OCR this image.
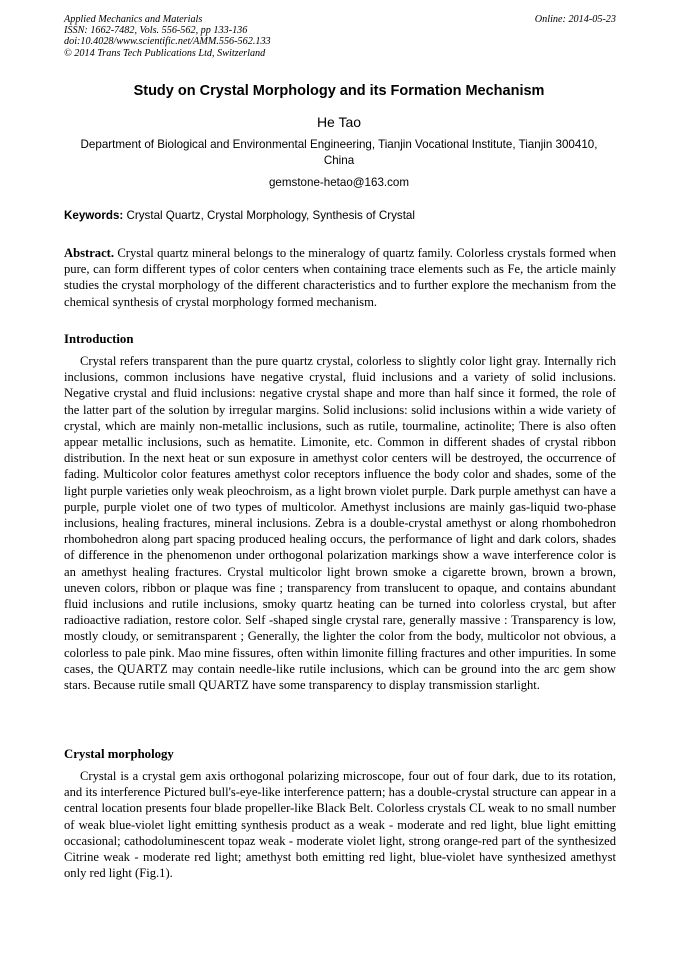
Applied Mechanics and Materials
ISSN: 1662-7482, Vols. 556-562, pp 133-136
doi:10.4028/www.scientific.net/AMM.556-562.133
© 2014 Trans Tech Publications Ltd, Switzerland
Online: 2014-05-23
Study on Crystal Morphology and its Formation Mechanism
He Tao
Department of Biological and Environmental Engineering, Tianjin Vocational Institute, Tianjin 300410, China
gemstone-hetao@163.com
Keywords: Crystal Quartz, Crystal Morphology, Synthesis of Crystal

Abstract. Crystal quartz mineral belongs to the mineralogy of quartz family. Colorless crystals formed when pure, can form different types of color centers when containing trace elements such as Fe, the article mainly studies the crystal morphology of the different characteristics and to further explore the mechanism from the chemical synthesis of crystal morphology formed mechanism.

Introduction

Crystal refers transparent than the pure quartz crystal, colorless to slightly color light gray. Internally rich inclusions, common inclusions have negative crystal, fluid inclusions and a variety of solid inclusions. Negative crystal and fluid inclusions: negative crystal shape and more than half since it formed, the role of the latter part of the solution by irregular margins. Solid inclusions: solid inclusions within a wide variety of crystal, which are mainly non-metallic inclusions, such as rutile, tourmaline, actinolite; There is also often appear metallic inclusions, such as hematite. Limonite, etc. Common in different shades of crystal ribbon distribution. In the next heat or sun exposure in amethyst color centers will be destroyed, the occurrence of fading. Multicolor color features amethyst color receptors influence the body color and shades, some of the light purple varieties only weak pleochroism, as a light brown violet purple. Dark purple amethyst can have a purple, purple violet one of two types of multicolor. Amethyst inclusions are mainly gas-liquid two-phase inclusions, healing fractures, mineral inclusions. Zebra is a double-crystal amethyst or along rhombohedron rhombohedron along part spacing produced healing occurs, the performance of light and dark colors, shades of difference in the phenomenon under orthogonal polarization markings show a wave interference color is an amethyst healing fractures. Crystal multicolor light brown smoke a cigarette brown, brown a brown, uneven colors, ribbon or plaque was fine ; transparency from translucent to opaque, and contains abundant fluid inclusions and rutile inclusions, smoky quartz heating can be turned into colorless crystal, but after radioactive radiation, restore color. Self -shaped single crystal rare, generally massive : Transparency is low, mostly cloudy, or semitransparent ; Generally, the lighter the color from the body, multicolor not obvious, a colorless to pale pink. Mao mine fissures, often within limonite filling fractures and other impurities. In some cases, the QUARTZ may contain needle-like rutile inclusions, which can be ground into the arc gem show stars. Because rutile small QUARTZ have some transparency to display transmission starlight.

Crystal morphology

Crystal is a crystal gem axis orthogonal polarizing microscope, four out of four dark, due to its rotation, and its interference Pictured bull's-eye-like interference pattern; has a double-crystal structure can appear in a central location presents four blade propeller-like Black Belt. Colorless crystals CL weak to no small number of weak blue-violet light emitting synthesis product as a weak - moderate and red light, blue light emitting occasional; cathodoluminescent topaz weak - moderate violet light, strong orange-red part of the synthesized Citrine weak - moderate red light; amethyst both emitting red light, blue-violet have synthesized amethyst only red light (Fig.1).
